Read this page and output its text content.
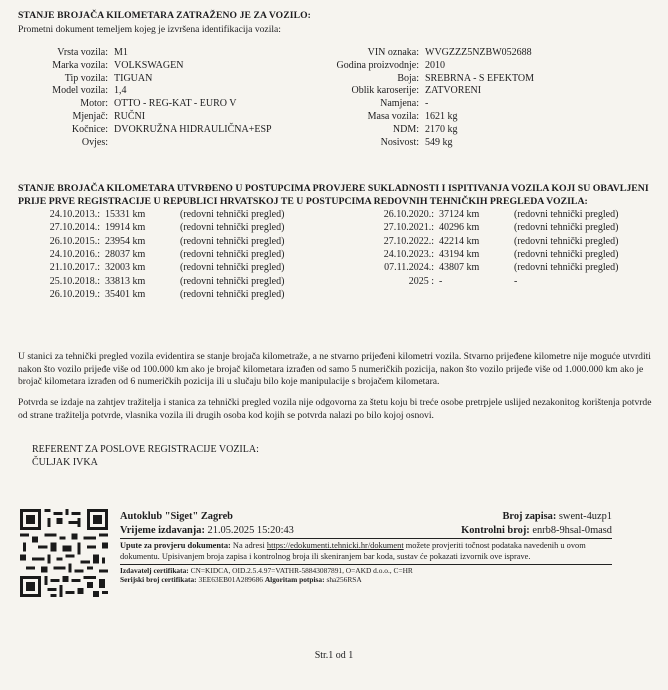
STANJE BROJAČA KILOMETARA ZATRAŽENO JE ZA VOZILO:
Prometni dokument temeljem kojeg je izvršena identifikacija vozila:
Vrsta vozila: M1
Marka vozila: VOLKSWAGEN
Tip vozila: TIGUAN
Model vozila: 1,4
Motor: OTTO - REG-KAT - EURO V
Mjenjač: RUČNI
Kočnice: DVOKRUŽNA HIDRAULIČNA+ESP
Ovjes:
VIN oznaka: WVGZZZ5NZBW052688
Godina proizvodnje: 2010
Boja: SREBRNA - S EFEKTOM
Oblik karoserije: ZATVORENI
Namjena: -
Masa vozila: 1621 kg
NDM: 2170 kg
Nosivost: 549 kg
STANJE BROJAČA KILOMETARA UTVRĐENO U POSTUPCIMA PROVJERE SUKLADNOSTI I ISPITIVANJA VOZILA KOJI SU OBAVLJENI PRIJE PRVE REGISTRACIJE U REPUBLICI HRVATSKOJ TE U POSTUPCIMA REDOVNIH TEHNIČKIH PREGLEDA VOZILA:
24.10.2013.: 15331 km	(redovni tehnički pregled)
27.10.2014.: 19914 km	(redovni tehnički pregled)
26.10.2015.: 23954 km	(redovni tehnički pregled)
24.10.2016.: 28037 km	(redovni tehnički pregled)
21.10.2017.: 32003 km	(redovni tehnički pregled)
25.10.2018.: 33813 km	(redovni tehnički pregled)
26.10.2019.: 35401 km	(redovni tehnički pregled)
26.10.2020.: 37124 km	(redovni tehnički pregled)
27.10.2021.: 40296 km	(redovni tehnički pregled)
27.10.2022.: 42214 km	(redovni tehnički pregled)
24.10.2023.: 43194 km	(redovni tehnički pregled)
07.11.2024.: 43807 km	(redovni tehnički pregled)
2025 : -	-
U stanici za tehnički pregled vozila evidentira se stanje brojača kilometraže, a ne stvarno prijeđeni kilometri vozila. Stvarno prijeđene kilometre nije moguće utvrditi nakon što vozilo prijeđe više od 100.000 km ako je brojač kilometara izrađen od samo 5 numeričkih pozicija, nakon što vozilo prijeđe više od 1.000.000 km ako je brojač kilometara izrađen od 6 numeričkih pozicija ili u slučaju bilo koje manipulacije s brojačem kilometara.
Potvrda se izdaje na zahtjev tražitelja i stanica za tehnički pregled vozila nije odgovorna za štetu koju bi treće osobe pretrpjele uslijed nezakonitog korištenja potvrde od strane tražitelja potvrde, vlasnika vozila ili drugih osoba kod kojih se potvrda nalazi po bilo kojoj osnovi.
REFERENT ZA POSLOVE REGISTRACIJE VOZILA:
ČULJAK IVKA
Autoklub "Siget" Zagreb	Broj zapisa: swent-4uzp1
Vrijeme izdavanja: 21.05.2025 15:20:43	Kontrolni broj: enrb8-9hsal-0masd
Upute za provjeru dokumenta: Na adresi https://edokumenti.tehnicki.hr/dokument možete provjeriti točnost podataka navedenih u ovom dokumentu. Upisivanjem broja zapisa i kontrolnog broja ili skeniranjem bar koda, sustav će pokazati izvornik ove isprave.
Izdavatelj certifikata: CN=KIDCA, OID.2.5.4.97=VATHR-58843087891, O=AKD d.o.o., C=HR
Serijski broj certifikata: 3EE63EB01A289686 Algoritam potpisa: sha256RSA
Str.1 od 1
